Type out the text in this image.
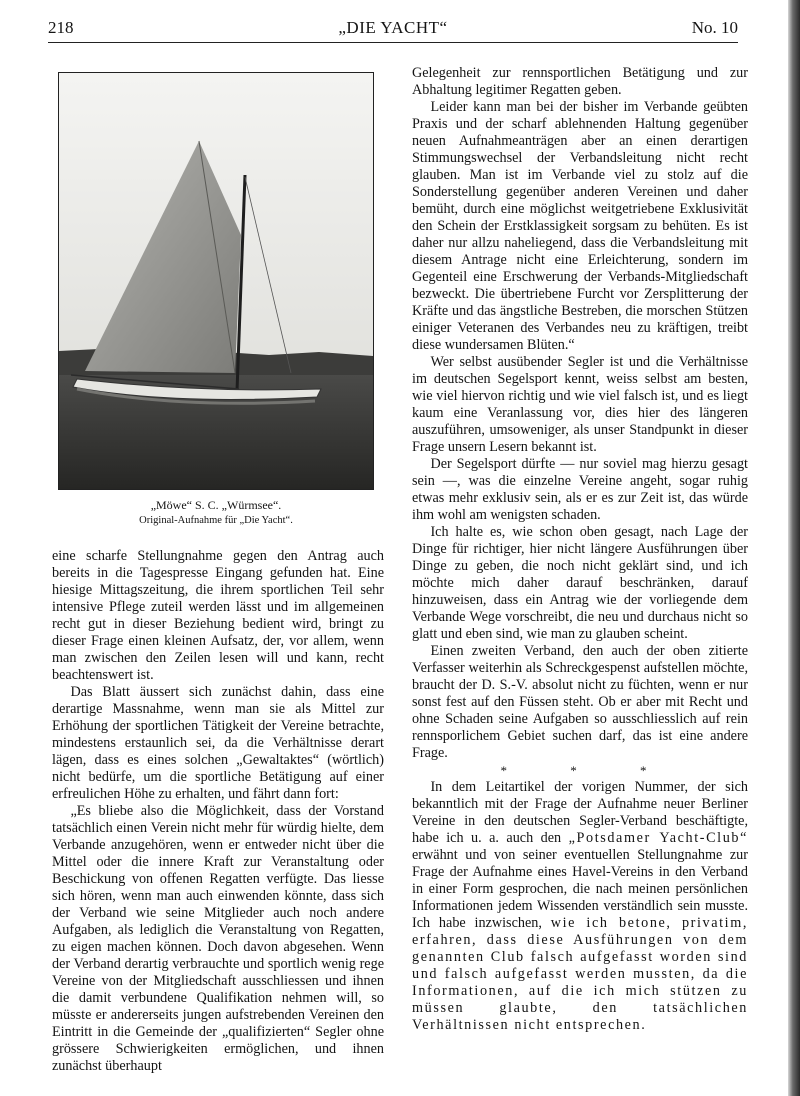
218	„DIE YACHT“	No. 10
„Möwe“ S. C. „Würmsee“.
Original-Aufnahme für „Die Yacht“.

eine scharfe Stellungnahme gegen den Antrag auch bereits in die Tagespresse Eingang gefunden hat. Eine hiesige Mittagszeitung, die ihrem sportlichen Teil sehr intensive Pflege zuteil werden lässt und im allgemeinen recht gut in dieser Beziehung bedient wird, bringt zu dieser Frage einen kleinen Aufsatz, der, vor allem, wenn man zwischen den Zeilen lesen will und kann, recht beachtenswert ist.

Das Blatt äussert sich zunächst dahin, dass eine derartige Massnahme, wenn man sie als Mittel zur Erhöhung der sportlichen Tätigkeit der Vereine betrachte, mindestens erstaunlich sei, da die Verhältnisse derart lägen, dass es eines solchen „Gewaltaktes“ (wörtlich) nicht bedürfe, um die sportliche Betätigung auf einer erfreulichen Höhe zu erhalten, und fährt dann fort:

„Es bliebe also die Möglichkeit, dass der Vorstand tatsächlich einen Verein nicht mehr für würdig hielte, dem Verbande anzugehören, wenn er entweder nicht über die Mittel oder die innere Kraft zur Veranstaltung oder Beschickung von offenen Regatten verfügte. Das liesse sich hören, wenn man auch einwenden könnte, dass sich der Verband wie seine Mitglieder auch noch andere Aufgaben, als lediglich die Veranstaltung von Regatten, zu eigen machen können. Doch davon abgesehen. Wenn der Verband derartig verbrauchte und sportlich wenig rege Vereine von der Mitgliedschaft ausschliessen und ihnen die damit verbundene Qualifikation nehmen will, so müsste er andererseits jungen aufstrebenden Vereinen den Eintritt in die Gemeinde der „qualifizierten“ Segler ohne grössere Schwierigkeiten ermöglichen, und ihnen zunächst überhaupt

Gelegenheit zur rennsportlichen Betätigung und zur Abhaltung legitimer Regatten geben.

Leider kann man bei der bisher im Verbande geübten Praxis und der scharf ablehnenden Haltung gegenüber neuen Aufnahmeanträgen aber an einen derartigen Stimmungswechsel der Verbandsleitung nicht recht glauben. Man ist im Verbande viel zu stolz auf die Sonderstellung gegenüber anderen Vereinen und daher bemüht, durch eine möglichst weitgetriebene Exklusivität den Schein der Erstklassigkeit sorgsam zu behüten. Es ist daher nur allzu naheliegend, dass die Verbandsleitung mit diesem Antrage nicht eine Erleichterung, sondern im Gegenteil eine Erschwerung der Verbands-Mitgliedschaft bezweckt. Die übertriebene Furcht vor Zersplitterung der Kräfte und das ängstliche Bestreben, die morschen Stützen einiger Veteranen des Verbandes neu zu kräftigen, treibt diese wundersamen Blüten.“

Wer selbst ausübender Segler ist und die Verhältnisse im deutschen Segelsport kennt, weiss selbst am besten, wie viel hiervon richtig und wie viel falsch ist, und es liegt kaum eine Veranlassung vor, dies hier des längeren auszuführen, umsoweniger, als unser Standpunkt in dieser Frage unsern Lesern bekannt ist.

Der Segelsport dürfte — nur soviel mag hierzu gesagt sein —, was die einzelne Vereine angeht, sogar ruhig etwas mehr exklusiv sein, als er es zur Zeit ist, das würde ihm wohl am wenigsten schaden.

Ich halte es, wie schon oben gesagt, nach Lage der Dinge für richtiger, hier nicht längere Ausführungen über Dinge zu geben, die noch nicht geklärt sind, und ich möchte mich daher darauf beschränken, darauf hinzuweisen, dass ein Antrag wie der vorliegende dem Verbande Wege vorschreibt, die neu und durchaus nicht so glatt und eben sind, wie man zu glauben scheint.

Einen zweiten Verband, den auch der oben zitierte Verfasser weiterhin als Schreckgespenst aufstellen möchte, braucht der D. S.-V. absolut nicht zu füchten, wenn er nur sonst fest auf den Füssen steht. Ob er aber mit Recht und ohne Schaden seine Aufgaben so ausschliesslich auf rein rennsporlichem Gebiet suchen darf, das ist eine andere Frage.

* * *

In dem Leitartikel der vorigen Nummer, der sich bekanntlich mit der Frage der Aufnahme neuer Berliner Vereine in den deutschen Segler-Verband beschäftigte, habe ich u. a. auch den „Potsdamer Yacht-Club“ erwähnt und von seiner eventuellen Stellungnahme zur Frage der Aufnahme eines Havel-Vereins in den Verband in einer Form gesprochen, die nach meinen persönlichen Informationen jedem Wissenden verständlich sein musste. Ich habe inzwischen, wie ich betone, privatim, erfahren, dass diese Ausführungen von dem genannten Club falsch aufgefasst worden sind und falsch aufgefasst werden mussten, da die Informationen, auf die ich mich stützen zu müssen glaubte, den tatsächlichen Verhältnissen nicht entsprechen.
